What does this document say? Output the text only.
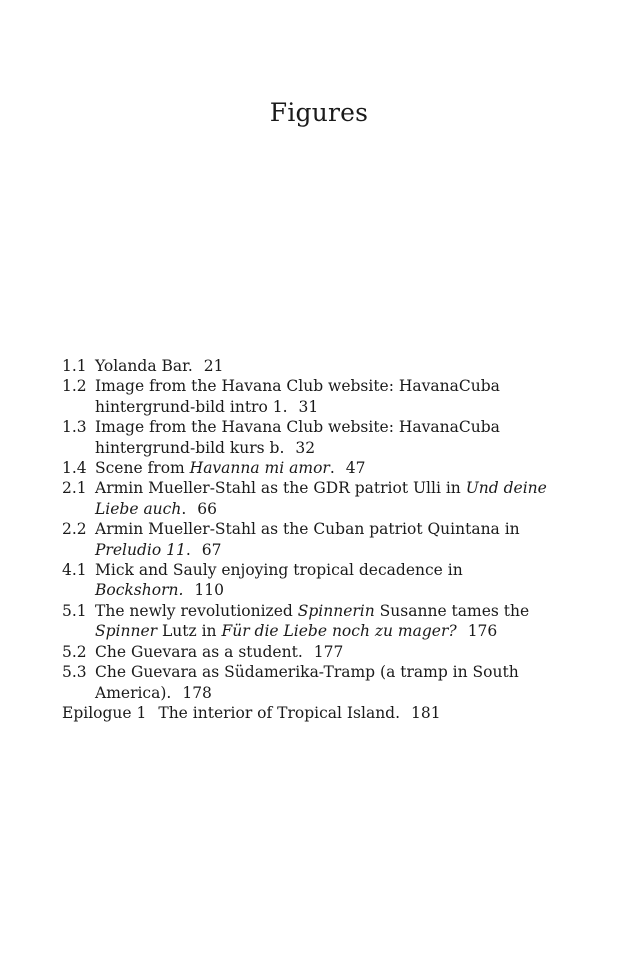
Figures
1.1 Yolanda Bar. 21
1.2 Image from the Havana Club website: HavanaCuba hintergrund-bild intro 1. 31
1.3 Image from the Havana Club website: HavanaCuba hintergrund-bild kurs b. 32
1.4 Scene from Havanna mi amor. 47
2.1 Armin Mueller-Stahl as the GDR patriot Ulli in Und deine Liebe auch. 66
2.2 Armin Mueller-Stahl as the Cuban patriot Quintana in Preludio 11. 67
4.1 Mick and Sauly enjoying tropical decadence in Bockshorn. 110
5.1 The newly revolutionized Spinnerin Susanne tames the Spinner Lutz in Für die Liebe noch zu mager? 176
5.2 Che Guevara as a student. 177
5.3 Che Guevara as Südamerika-Tramp (a tramp in South America). 178
Epilogue 1 The interior of Tropical Island. 181
